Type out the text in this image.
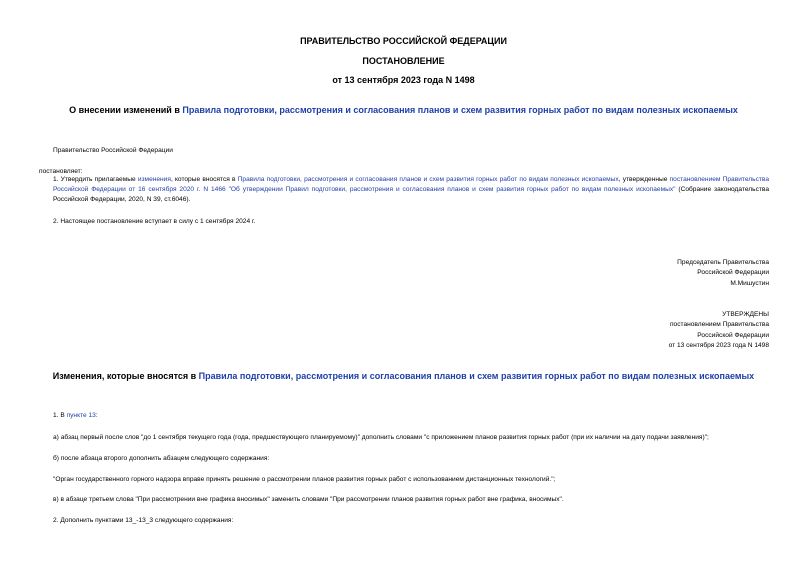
ПРАВИТЕЛЬСТВО РОССИЙСКОЙ ФЕДЕРАЦИИ
ПОСТАНОВЛЕНИЕ
от 13 сентября 2023 года N 1498
О внесении изменений в Правила подготовки, рассмотрения и согласования планов и схем развития горных работ по видам полезных ископаемых
Правительство Российской Федерации
постановляет:
1. Утвердить прилагаемые изменения, которые вносятся в Правила подготовки, рассмотрения и согласования планов и схем развития горных работ по видам полезных ископаемых, утвержденные постановлением Правительства Российской Федерации от 16 сентября 2020 г. N 1466 "Об утверждении Правил подготовки, рассмотрения и согласования планов и схем развития горных работ по видам полезных ископаемых" (Собрание законодательства Российской Федерации, 2020, N 39, ст.6046).
2. Настоящее постановление вступает в силу с 1 сентября 2024 г.
Председатель Правительства
Российской Федерации
М.Мишустин
УТВЕРЖДЕНЫ
постановлением Правительства
Российской Федерации
от 13 сентября 2023 года N 1498
Изменения, которые вносятся в Правила подготовки, рассмотрения и согласования планов и схем развития горных работ по видам полезных ископаемых
1. В пункте 13:
а) абзац первый после слов "до 1 сентября текущего года (года, предшествующего планируемому)" дополнить словами "с приложением планов развития горных работ (при их наличии на дату подачи заявления)";
б) после абзаца второго дополнить абзацем следующего содержания:
"Орган государственного горного надзора вправе принять решение о рассмотрении планов развития горных работ с использованием дистанционных технологий.";
в) в абзаце третьем слова "При рассмотрении вне графика вносимых" заменить словами "При рассмотрении планов развития горных работ вне графика, вносимых".
2. Дополнить пунктами 13_-13_3 следующего содержания:
